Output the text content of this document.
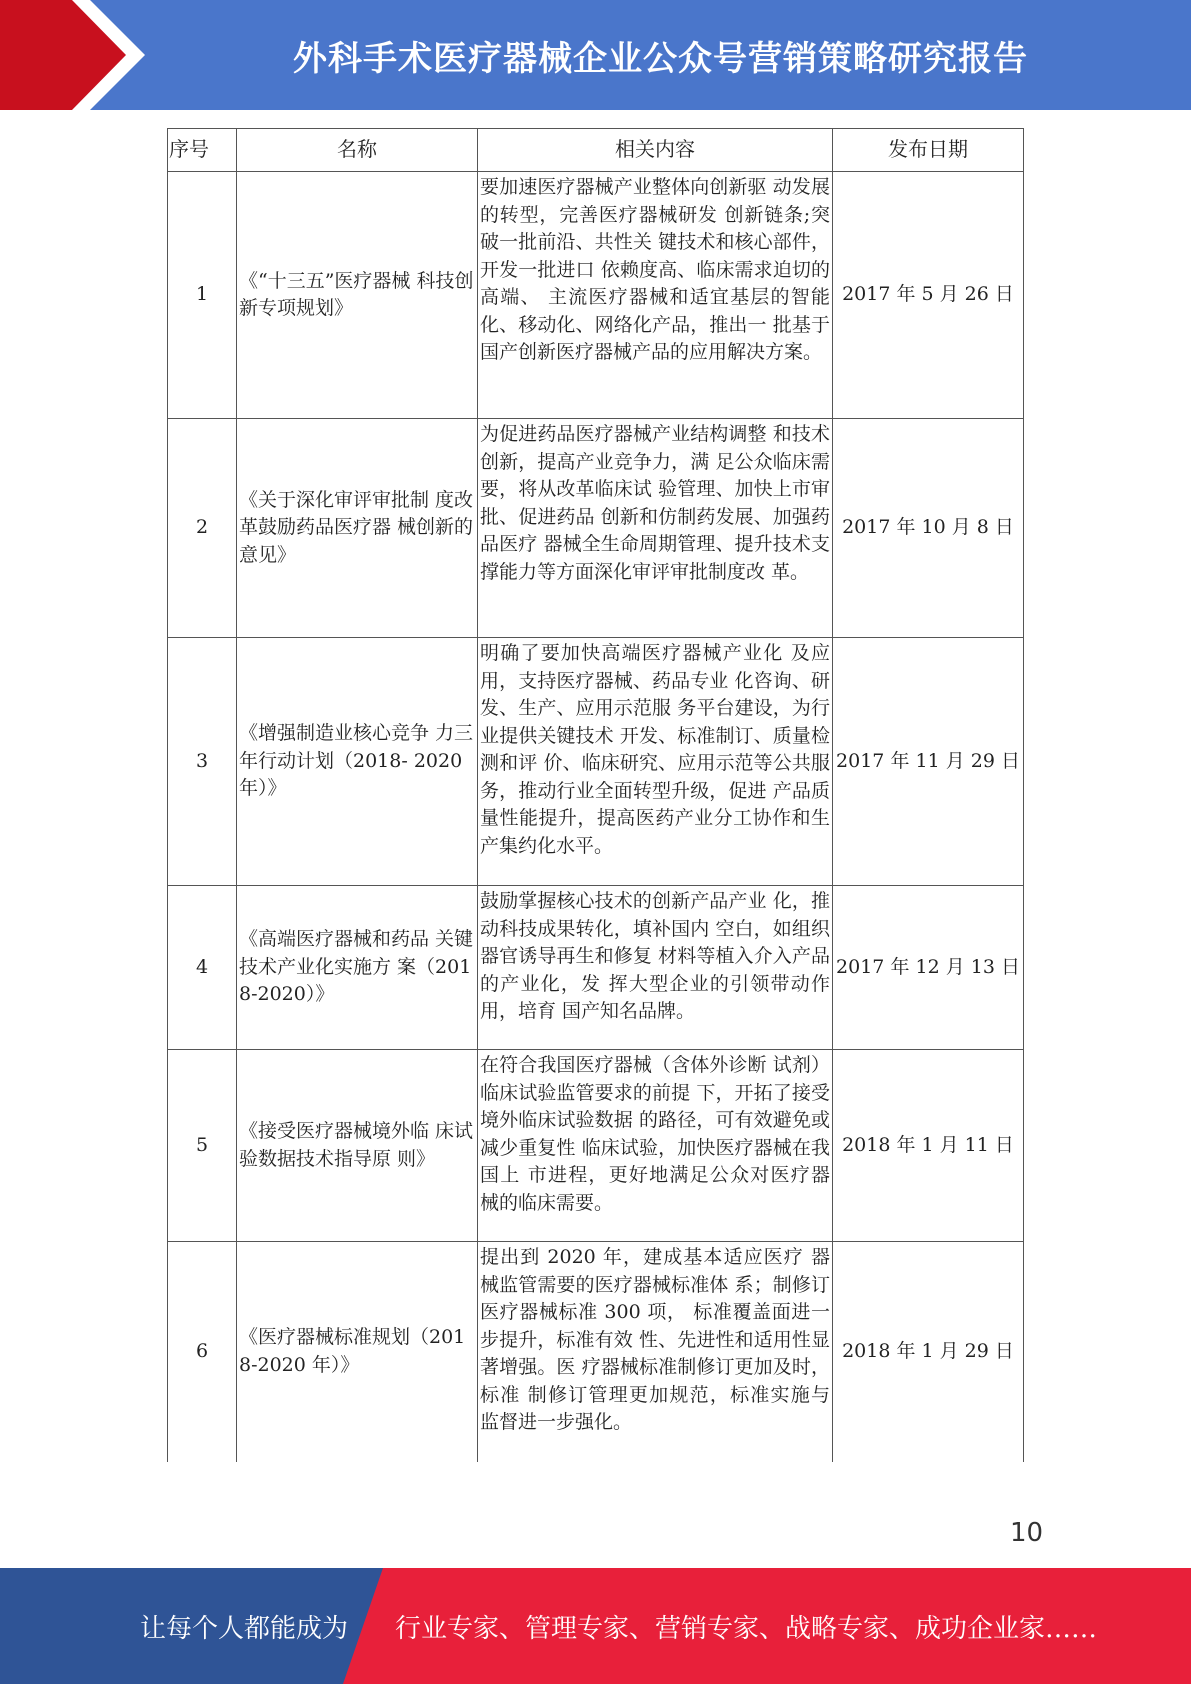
外科手术医疗器械企业公众号营销策略研究报告
序号	名称	相关内容	发布日期
1	《“十三五”医疗器械 科技创新专项规划》	要加速医疗器械产业整体向创新驱 动发展的转型，完善医疗器械研发 创新链条;突破一批前沿、共性关 键技术和核心部件，开发一批进口 依赖度高、临床需求迫切的高端、 主流医疗器械和适宜基层的智能 化、移动化、网络化产品，推出一 批基于国产创新医疗器械产品的应用解决方案。	2017 年 5 月 26 日
2	《关于深化审评审批制 度改革鼓励药品医疗器 械创新的意见》	为促进药品医疗器械产业结构调整 和技术创新，提高产业竞争力，满 足公众临床需要，将从改革临床试 验管理、加快上市审批、促进药品 创新和仿制药发展、加强药品医疗 器械全生命周期管理、提升技术支 撑能力等方面深化审评审批制度改 革。	2017 年 10 月 8 日
3	《增强制造业核心竞争 力三年行动计划（2018- 2020 年）》	明确了要加快高端医疗器械产业化 及应用，支持医疗器械、药品专业 化咨询、研发、生产、应用示范服 务平台建设，为行业提供关键技术 开发、标准制订、质量检测和评 价、临床研究、应用示范等公共服 务，推动行业全面转型升级，促进 产品质量性能提升，提高医药产业分工协作和生产集约化水平。	2017 年 11 月 29 日
4	《高端医疗器械和药品 关键技术产业化实施方 案（2018-2020）》	鼓励掌握核心技术的创新产品产业 化，推动科技成果转化，填补国内 空白，如组织器官诱导再生和修复 材料等植入介入产品的产业化，发 挥大型企业的引领带动作用，培育 国产知名品牌。	2017 年 12 月 13 日
5	《接受医疗器械境外临 床试验数据技术指导原 则》	在符合我国医疗器械（含体外诊断 试剂）临床试验监管要求的前提 下，开拓了接受境外临床试验数据 的路径，可有效避免或减少重复性 临床试验，加快医疗器械在我国上 市进程，更好地满足公众对医疗器 械的临床需要。	2018 年 1 月 11 日
6	《医疗器械标准规划（2018-2020 年）》	提出到 2020 年，建成基本适应医疗 器械监管需要的医疗器械标准体 系；制修订医疗器械标准 300 项， 标准覆盖面进一步提升，标准有效 性、先进性和适用性显著增强。医 疗器械标准制修订更加及时，标准 制修订管理更加规范，标准实施与 监督进一步强化。	2018 年 1 月 29 日
10
让每个人都能成为	行业专家、管理专家、营销专家、战略专家、成功企业家……
